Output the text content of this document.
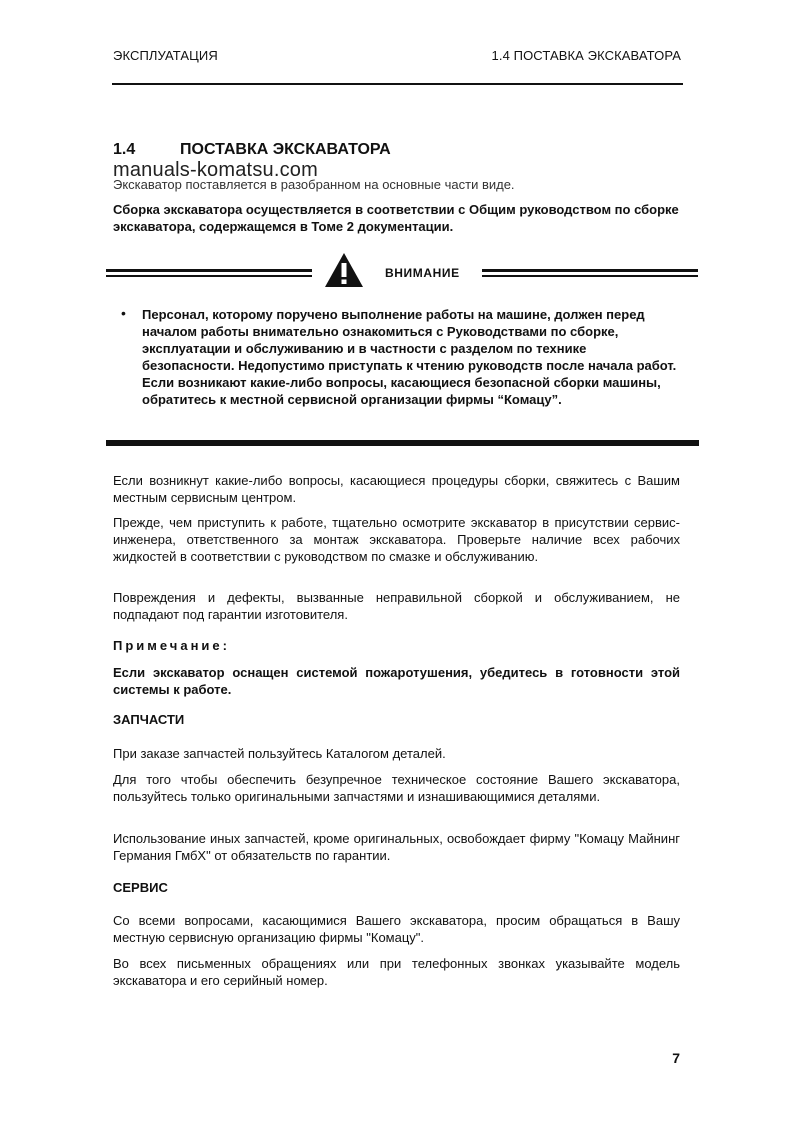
ЭКСПЛУАТАЦИЯ	1.4 ПОСТАВКА ЭКСКАВАТОРА
1.4	ПОСТАВКА ЭКСКАВАТОРА
Экскаватор поставляется в разобранном на основные части виде.
manuals-komatsu.com
Сборка экскаватора осуществляется в соответствии с Общим руководством по сборке экскаватора, содержащемся в Томе 2 документации.
ВНИМАНИЕ
• Персонал, которому поручено выполнение работы на машине, должен перед началом работы внимательно ознакомиться с Руководствами по сборке, эксплуатации и обслуживанию и в частности с разделом по технике безопасности. Недопустимо приступать к чтению руководств после начала работ. Если возникают какие-либо вопросы, касающиеся безопасной сборки машины, обратитесь к местной сервисной организации фирмы “Комацу”.
Если возникнут какие-либо вопросы, касающиеся процедуры сборки, свяжитесь с Вашим местным сервисным центром.
Прежде, чем приступить к работе, тщательно осмотрите экскаватор в присутствии сервис-инженера, ответственного за монтаж экскаватора. Проверьте наличие всех рабочих жидкостей в соответствии с руководством по смазке и обслуживанию.
Повреждения и дефекты, вызванные неправильной сборкой и обслуживанием, не подпадают под гарантии изготовителя.
Примечание:
Если экскаватор оснащен системой пожаротушения, убедитесь в готовности этой системы к работе.
ЗАПЧАСТИ
При заказе запчастей пользуйтесь Каталогом деталей.
Для того чтобы обеспечить безупречное техническое состояние Вашего экскаватора, пользуйтесь только оригинальными запчастями и изнашивающимися деталями.
Использование иных запчастей, кроме оригинальных, освобождает фирму "Комацу Майнинг Германия ГмбХ" от обязательств по гарантии.
СЕРВИС
Со всеми вопросами, касающимися Вашего экскаватора, просим обращаться в Вашу местную сервисную организацию фирмы "Комацу".
Во всех письменных обращениях или при телефонных звонках указывайте модель экскаватора и его серийный номер.
7
